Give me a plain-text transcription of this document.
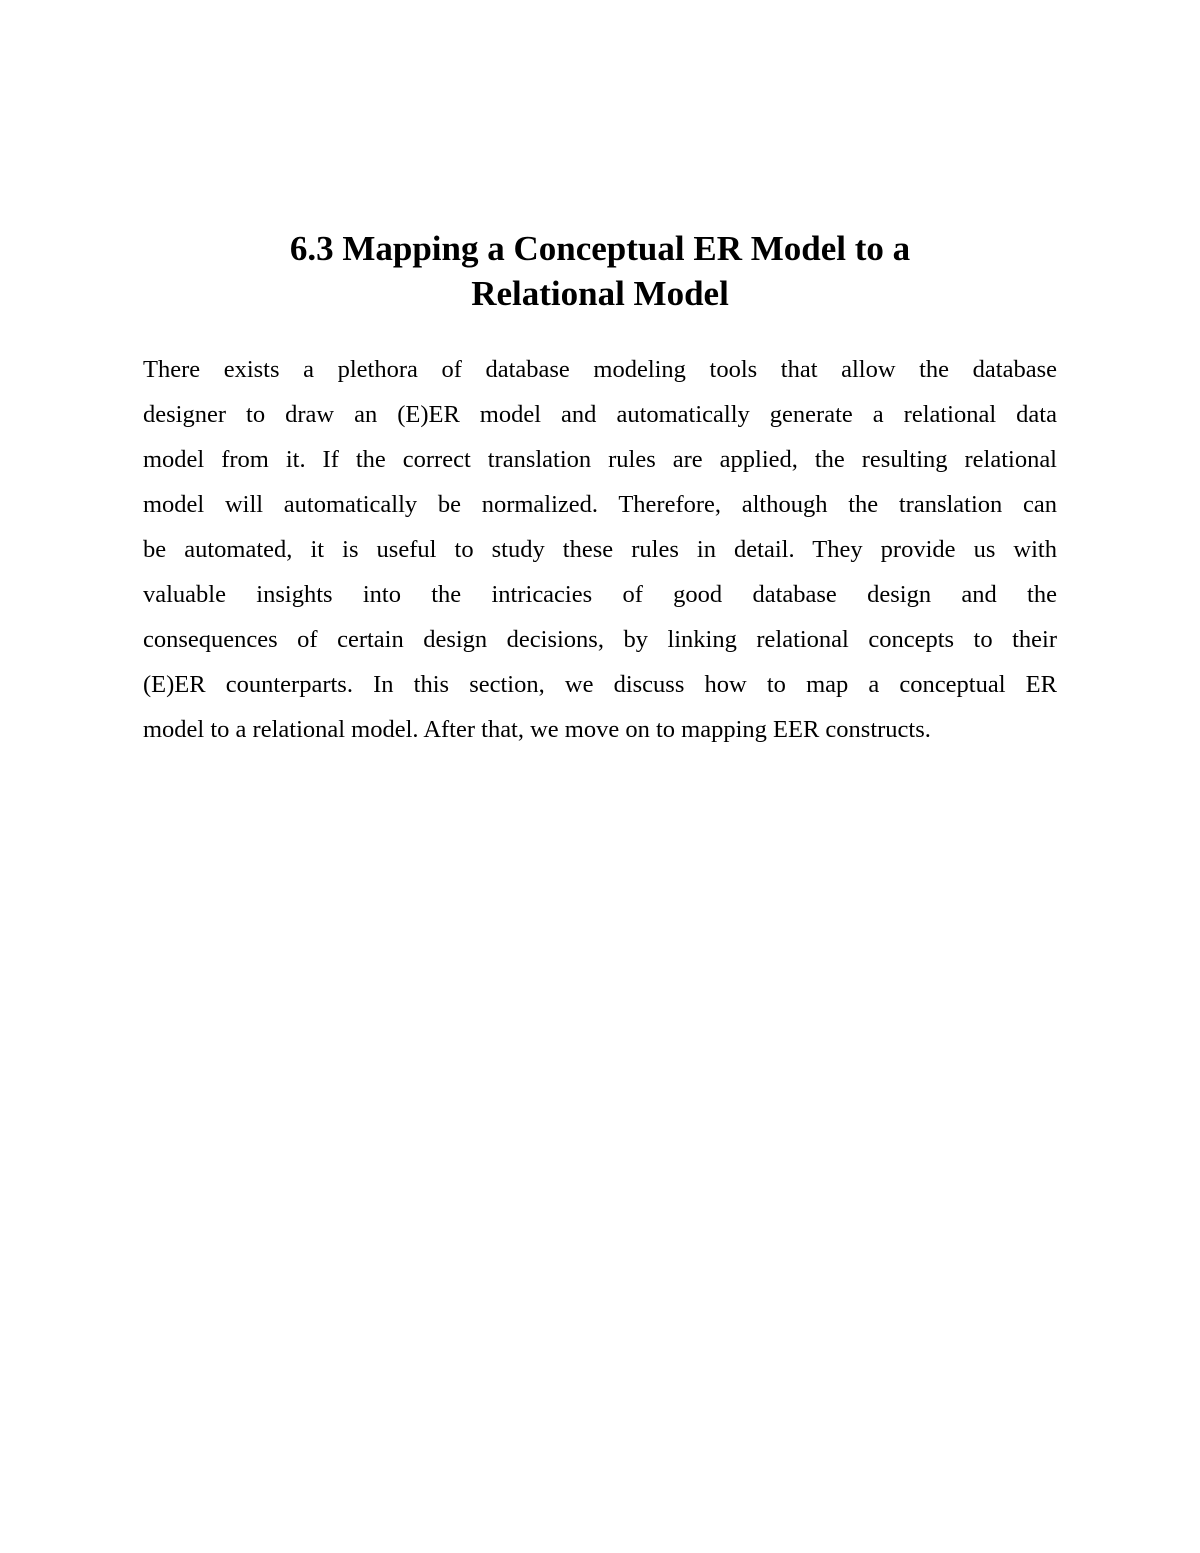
6.3 Mapping a Conceptual ER Model to a
Relational Model

There exists a plethora of database modeling tools that allow the database
designer to draw an (E)ER model and automatically generate a relational data
model from it. If the correct translation rules are applied, the resulting relational
model will automatically be normalized. Therefore, although the translation can
be automated, it is useful to study these rules in detail. They provide us with
valuable insights into the intricacies of good database design and the
consequences of certain design decisions, by linking relational concepts to their
(E)ER counterparts. In this section, we discuss how to map a conceptual ER
model to a relational model. After that, we move on to mapping EER constructs.
